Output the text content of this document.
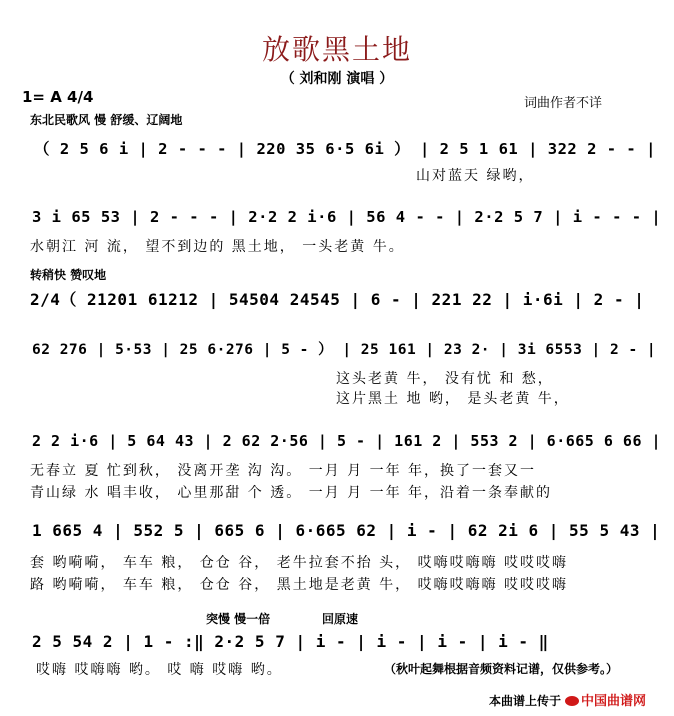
放歌黑土地
（ 刘和刚 演唱 ）
1= A 4/4	词曲作者不详
东北民歌风 慢 舒缓、辽阔地
（ 2 5 6 i | 2 - - - | 220 35 6·5 6i ） | 2 5 1 61 | 322 2 - - |
山对蓝天 绿哟，
3 i 65 53 | 2 - - - | 2·2 2 i·6 | 56 4 - - | 2·2 5 7 | i - - - |
水朝江 河 流， 望不到边的 黑土地， 一头老黄 牛。
转稍快 赞叹地
2/4（ 21201 61212 | 54504 24545 | 6 - | 221 22 | i·6i | 2 - |
62 276 | 5·53 | 25 6·276 | 5 - ） | 25 161 | 23 2· | 3i 6553 | 2 - |
这头老黄 牛， 没有忧 和 愁，
这片黑土 地 哟， 是头老黄 牛，
2 2 i·6 | 5 64 43 | 2 62 2·56 | 5 - | 161 2 | 553 2 | 6·665 6 66 |
无春立 夏 忙到秋， 没离开垄 沟 沟。 一月 月 一年 年，换了一套又一
青山绿 水 唱丰收， 心里那甜 个 透。 一月 月 一年 年，沿着一条奉献的
1 665 4 | 552 5 | 665 6 | 6·665 62 | i - | 62 2i 6 | 55 5 43 |
套 哟嗬嗬， 车车 粮， 仓仓 谷， 老牛拉套不抬 头， 哎嗨哎嗨嗨 哎哎哎嗨
路 哟嗬嗬， 车车 粮， 仓仓 谷， 黑土地是老黄 牛， 哎嗨哎嗨嗨 哎哎哎嗨
突慢 慢一倍	回原速
2 5 54 2 | 1 - :‖ 2·2 5 7 | i - | i - | i - | i - ‖
哎嗨 哎嗨嗨 哟。 哎 嗨 哎嗨 哟。	（秋叶起舞根据音频资料记谱，仅供参考。）
本曲谱上传于 中国曲谱网
